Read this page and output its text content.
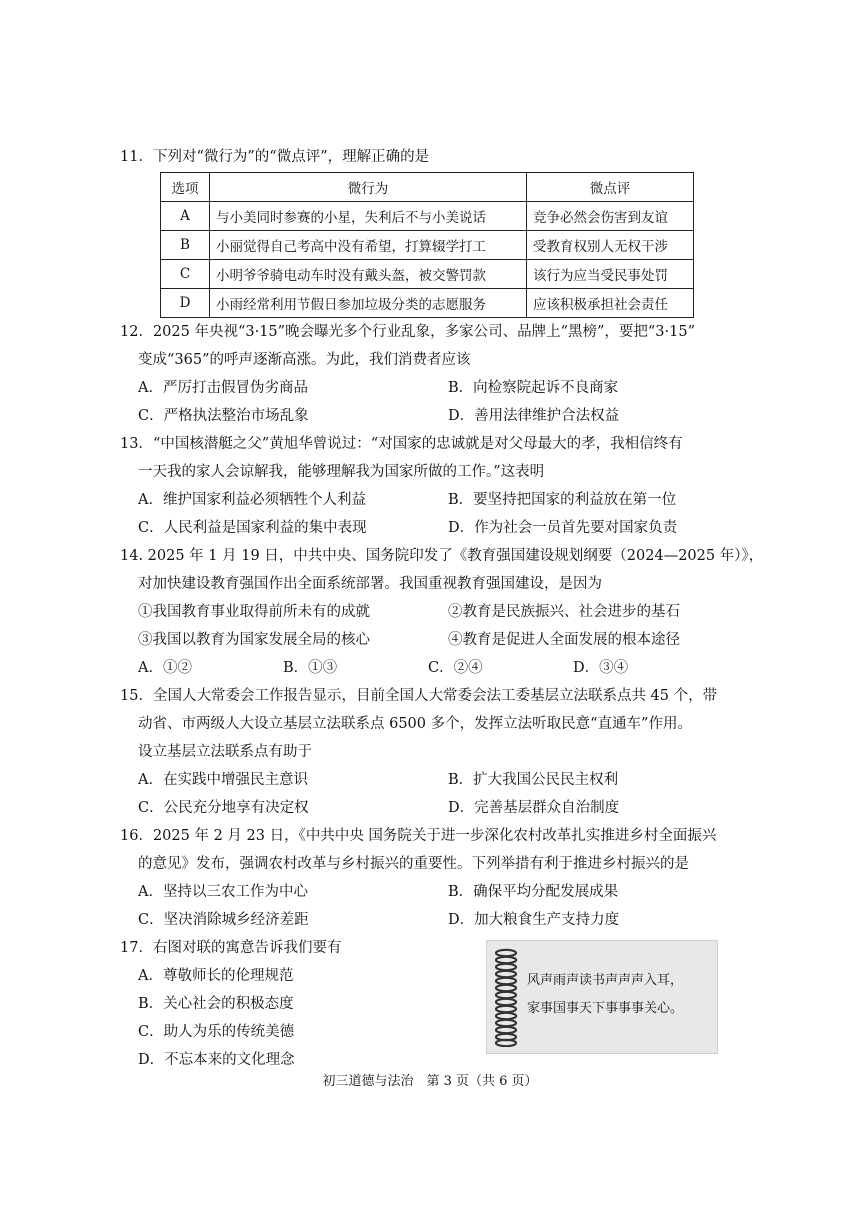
11．下列对“微行为”的“微点评”，理解正确的是
选项	微行为	微点评
A	与小美同时参赛的小星，失利后不与小美说话	竞争必然会伤害到友谊
B	小丽觉得自己考高中没有希望，打算辍学打工	受教育权别人无权干涉
C	小明爷爷骑电动车时没有戴头盔，被交警罚款	该行为应当受民事处罚
D	小雨经常利用节假日参加垃圾分类的志愿服务	应该积极承担社会责任
12．2025 年央视“3·15”晚会曝光多个行业乱象，多家公司、品牌上“黑榜”，要把“3·15”
变成“365”的呼声逐渐高涨。为此，我们消费者应该
A．严厉打击假冒伪劣商品	B．向检察院起诉不良商家
C．严格执法整治市场乱象	D．善用法律维护合法权益
13．“中国核潜艇之父”黄旭华曾说过：“对国家的忠诚就是对父母最大的孝，我相信终有
一天我的家人会谅解我，能够理解我为国家所做的工作。”这表明
A．维护国家利益必须牺牲个人利益	B．要坚持把国家的利益放在第一位
C．人民利益是国家利益的集中表现	D．作为社会一员首先要对国家负责
14. 2025 年 1 月 19 日，中共中央、国务院印发了《教育强国建设规划纲要（2024—2025 年）》，
对加快建设教育强国作出全面系统部署。我国重视教育强国建设，是因为
①我国教育事业取得前所未有的成就	②教育是民族振兴、社会进步的基石
③我国以教育为国家发展全局的核心	④教育是促进人全面发展的根本途径
A．①②	B．①③	C．②④	D．③④
15．全国人大常委会工作报告显示，目前全国人大常委会法工委基层立法联系点共 45 个，带
动省、市两级人大设立基层立法联系点 6500 多个，发挥立法听取民意“直通车”作用。
设立基层立法联系点有助于
A．在实践中增强民主意识	B．扩大我国公民民主权利
C．公民充分地享有决定权	D．完善基层群众自治制度
16．2025 年 2 月 23 日，《中共中央 国务院关于进一步深化农村改革扎实推进乡村全面振兴
的意见》发布，强调农村改革与乡村振兴的重要性。下列举措有利于推进乡村振兴的是
A．坚持以三农工作为中心	B．确保平均分配发展成果
C．坚决消除城乡经济差距	D．加大粮食生产支持力度
17．右图对联的寓意告诉我们要有
A．尊敬师长的伦理规范
B．关心社会的积极态度
C．助人为乐的传统美德
D．不忘本来的文化理念
风声雨声读书声声声入耳，
家事国事天下事事事关心。
初三道德与法治　第 3 页（共 6 页）
